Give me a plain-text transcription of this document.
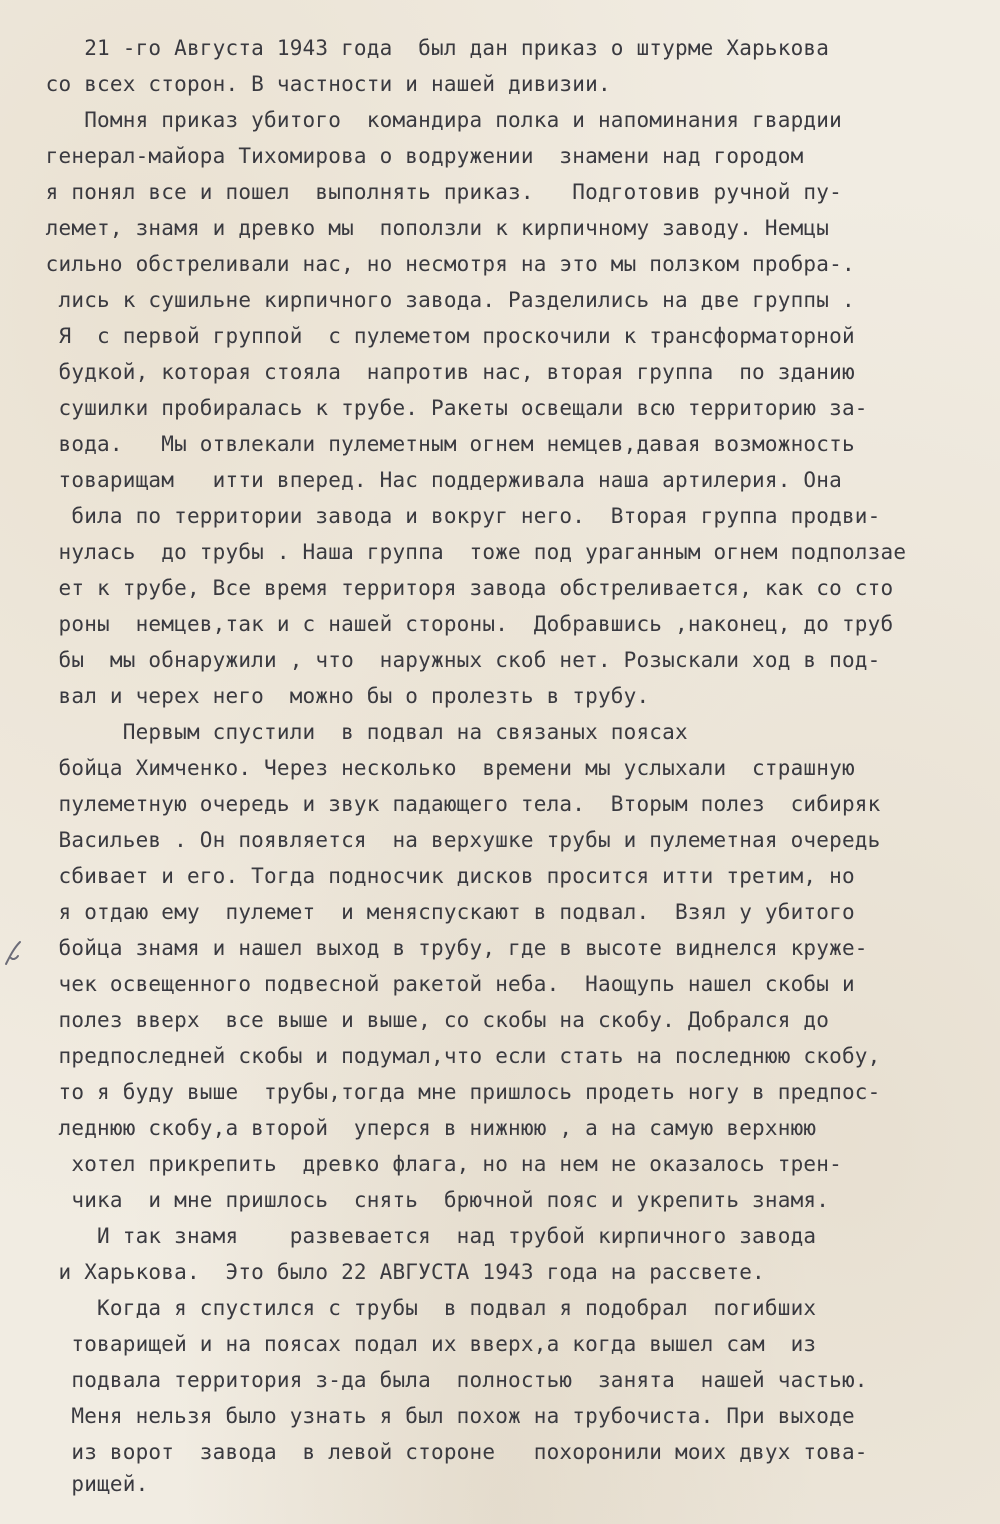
21 -го Августа 1943 года  был дан приказ о штурме Харькова
со всех сторон. В частности и нашей дивизии.
Помня приказ убитого  командира полка и напоминания гвардии
генерал-майора Тихомирова о водружении  знамени над городом
я понял все и пошел  выполнять приказ.   Подготовив ручной пу-
лемет, знамя и древко мы  поползли к кирпичному заводу. Немцы
сильно обстреливали нас, но несмотря на это мы ползком пробра-.
лись к сушильне кирпичного завода. Разделились на две группы .
Я  с первой группой  с пулеметом проскочили к трансформаторной
будкой, которая стояла  напротив нас, вторая группа  по зданию
сушилки пробиралась к трубе. Ракеты освещали всю территорию за-
вода.   Мы отвлекали пулеметным огнем немцев,давая возможность
товарищам   итти вперед. Нас поддерживала наша артилерия. Она
била по территории завода и вокруг него.  Вторая группа продви-
нулась  до трубы . Наша группа  тоже под ураганным огнем подползае
ет к трубе, Все время территоря завода обстреливается, как со сто
роны  немцев,так и с нашей стороны.  Добравшись ,наконец, до труб
бы  мы обнаружили , что  наружных скоб нет. Розыскали ход в под-
вал и черех него  можно бы о пролезть в трубу.
Первым спустили  в подвал на связаных поясах
бойца Химченко. Через несколько  времени мы услыхали  страшную
пулеметную очередь и звук падающего тела.  Вторым полез  сибиряк
Васильев . Он появляется  на верхушке трубы и пулеметная очередь
сбивает и его. Тогда подносчик дисков просится итти третим, но
я отдаю ему  пулемет  и меняспускают в подвал.  Взял у убитого
бойца знамя и нашел выход в трубу, где в высоте виднелся круже-
чек освещенного подвесной ракетой неба.  Наощупь нашел скобы и
полез вверх  все выше и выше, со скобы на скобу. Добрался до
предпоследней скобы и подумал,что если стать на последнюю скобу,
то я буду выше  трубы,тогда мне пришлось продеть ногу в предпос-
леднюю скобу,а второй  уперся в нижнюю , а на самую верхнюю
хотел прикрепить  древко флага, но на нем не оказалось трен-
чика  и мне пришлось  снять  брючной пояс и укрепить знамя.
И так знамя    развевается  над трубой кирпичного завода
и Харькова.  Это было 22 АВГУСТА 1943 года на рассвете.
Когда я спустился с трубы  в подвал я подобрал  погибших
товарищей и на поясах подал их вверх,а когда вышел сам  из
подвала территория з-да была  полностью  занята  нашей частью.
Меня нельзя было узнать я был похож на трубочиста. При выходе
из ворот  завода  в левой стороне   похоронили моих двух това-
рищей.
